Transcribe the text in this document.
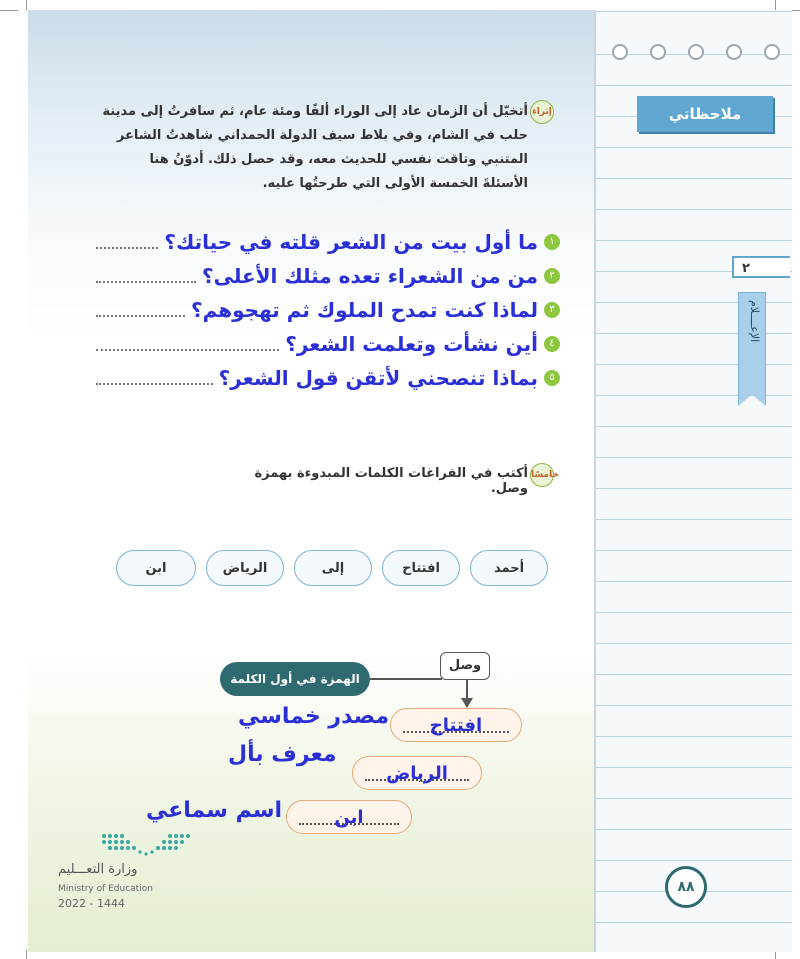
ملاحظاتي
٢
الإعــــلام
إثراء
أتخيّل أن الزمان عاد إلى الوراء ألفًا ومئة عام، ثم سافرتُ إلى مدينة حلب في الشام، وفي بلاط سيف الدولة الحمداني شاهدتُ الشاعر المتنبي وتاقت نفسي للحديث معه، وقد حصل ذلك. أدوّنُ هنا الأسئلةَ الخمسة الأولى التي طرحتُها عليه.
١
ما أول بيت من الشعر قلته في حياتك؟
٢
من من الشعراء تعده مثلك الأعلى؟
٣
لماذا كنت تمدح الملوك ثم تهجوهم؟
٤
أين نشأت وتعلمت الشعر؟
٥
بماذا تنصحني لأتقن قول الشعر؟
خامسًا
أكتب في الفراغات الكلمات المبدوءة بهمزة وصل.
أحمد
افتتاح
إلى
الرياض
ابن
الهمزة في أول الكلمة
وصل
افتتاح
مصدر خماسي
الرياض
معرف بأل
ابن
اسم سماعي
وزارة التعـــليم
Ministry of Education
2022 - 1444
٨٨
